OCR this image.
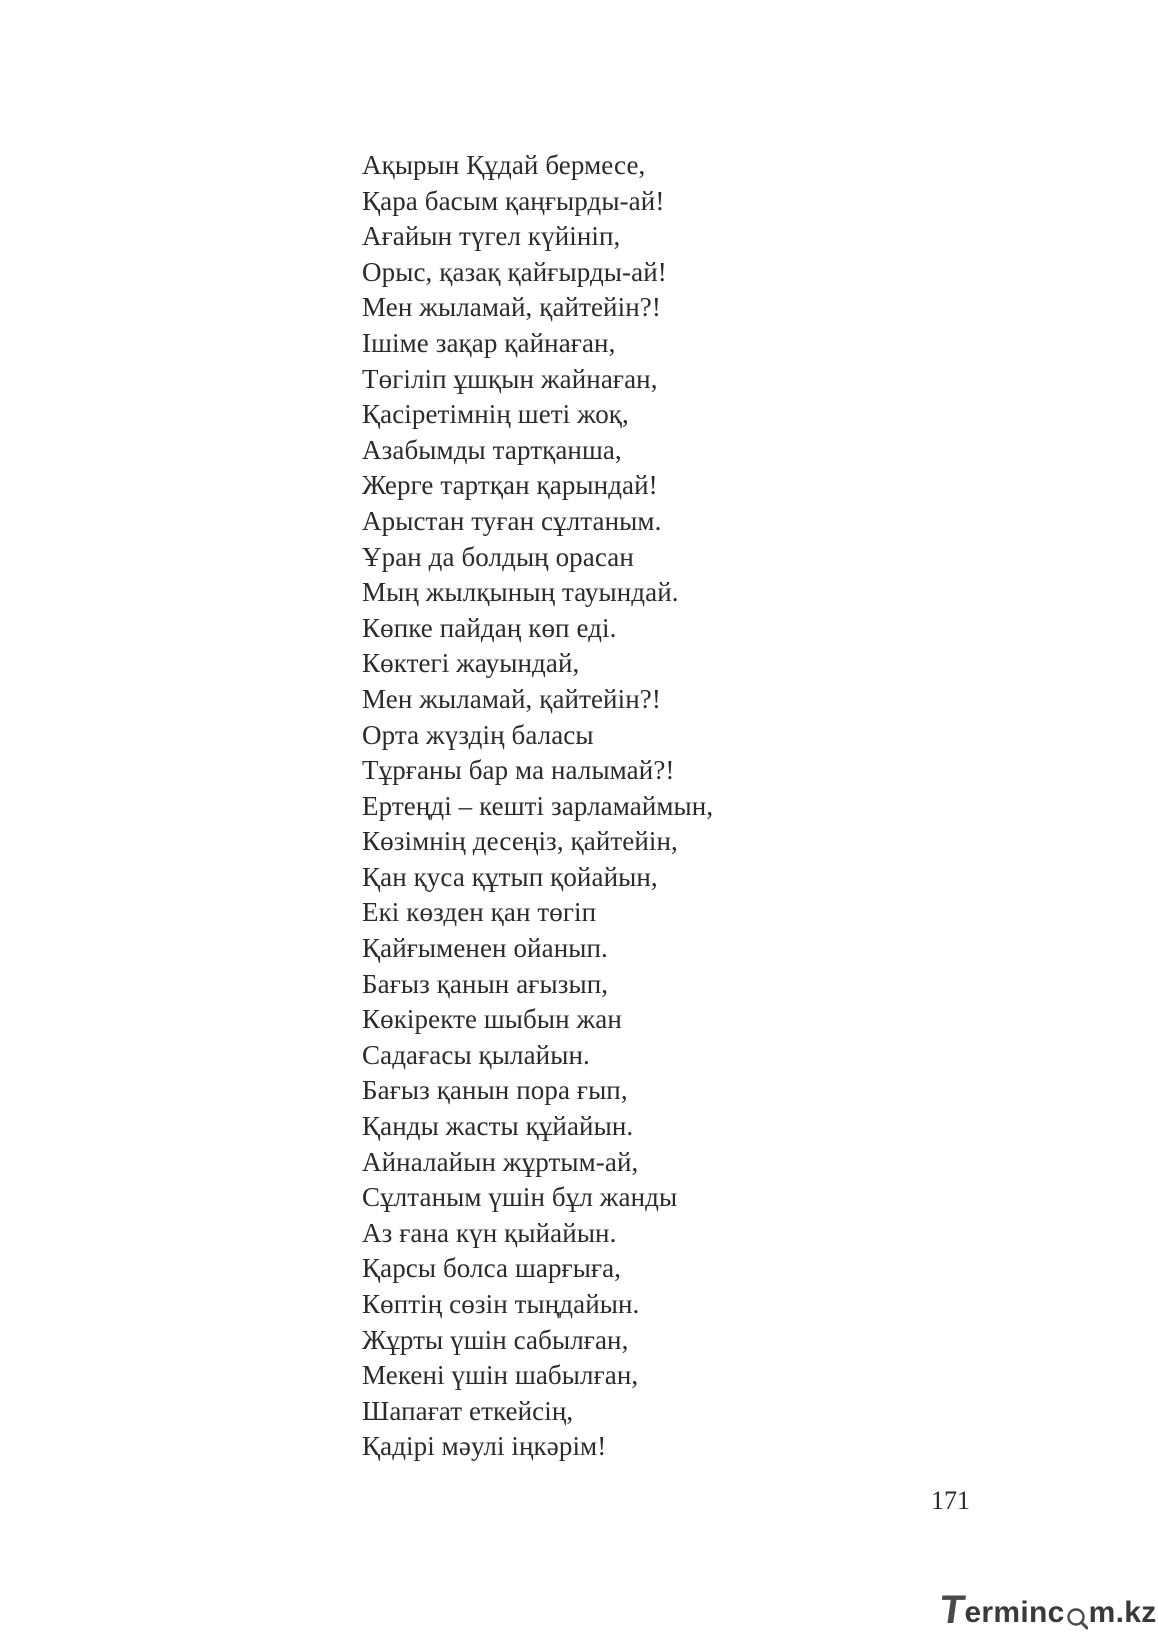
Ақырын Құдай бермесе,
Қара басым қаңғырды-ай!
Ағайын түгел күйініп,
Орыс, қазақ қайғырды-ай!
Мен жыламай, қайтейін?!
Ішіме зақар қайнаған,
Төгіліп ұшқын жайнаған,
Қасіретімнің шеті жоқ,
Азабымды тартқанша,
Жерге тартқан қарындай!
Арыстан туған сұлтаным.
Ұран да болдың орасан
Мың жылқының тауындай.
Көпке пайдаң көп еді.
Көктегі жауындай,
Мен жыламай, қайтейін?!
Орта жүздің баласы
Тұрғаны бар ма налымай?!
Ертеңді – кешті зарламаймын,
Көзімнің десеңіз, қайтейін,
Қан қуса құтып қойайын,
Екі көзден қан төгіп
Қайғыменен ойанып.
Бағыз қанын ағызып,
Көкіректе шыбын жан
Садағасы қылайын.
Бағыз қанын пора ғып,
Қанды жасты құйайын.
Айналайын жұртым-ай,
Сұлтаным үшін бұл жанды
Аз ғана күн қыйайын.
Қарсы болса шарғыға,
Көптің сөзін тыңдайын.
Жұрты үшін сабылған,
Мекені үшін шабылған,
Шапағат еткейсің,
Қадірі мәулі іңкәрім!
171
T
erminc m.kz
